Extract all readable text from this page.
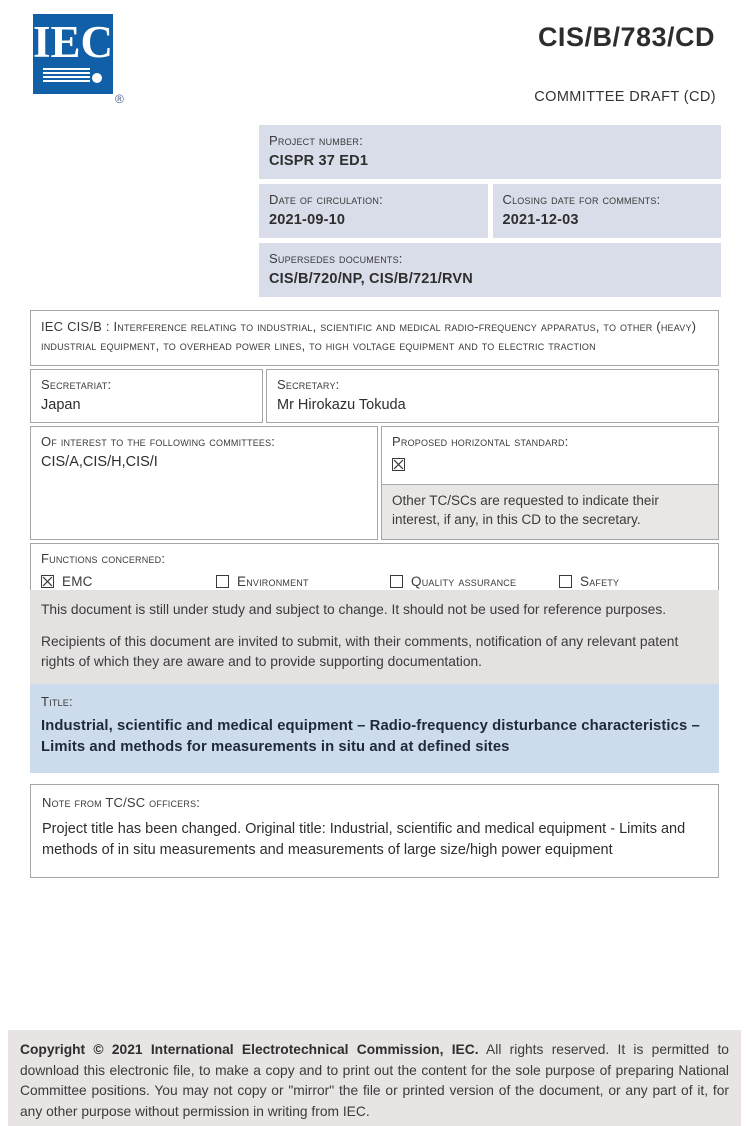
IEC
®
CIS/B/783/CD
COMMITTEE DRAFT (CD)
Project number:
CISPR 37 ED1
Date of circulation:
2021-09-10
Closing date for comments:
2021-12-03
Supersedes documents:
CIS/B/720/NP, CIS/B/721/RVN
IEC CIS/B : Interference relating to industrial, scientific and medical radio-frequency apparatus, to other (heavy) industrial equipment, to overhead power lines, to high voltage equipment and to electric traction
Secretariat:
Japan
Secretary:
Mr Hirokazu Tokuda
Of interest to the following committees:
CIS/A,CIS/H,CIS/I
Proposed horizontal standard:
Other TC/SCs are requested to indicate their interest, if any, in this CD to the secretary.
Functions concerned:
EMC	Environment	Quality assurance	Safety

This document is still under study and subject to change. It should not be used for reference purposes.

Recipients of this document are invited to submit, with their comments, notification of any relevant patent rights of which they are aware and to provide supporting documentation.

Title:
Industrial, scientific and medical equipment – Radio-frequency disturbance characteristics – Limits and methods for measurements in situ and at defined sites
Note from TC/SC officers:
Project title has been changed. Original title: Industrial, scientific and medical equipment - Limits and methods of in situ measurements and measurements of large size/high power equipment
Copyright © 2021 International Electrotechnical Commission, IEC. All rights reserved. It is permitted to download this electronic file, to make a copy and to print out the content for the sole purpose of preparing National Committee positions. You may not copy or "mirror" the file or printed version of the document, or any part of it, for any other purpose without permission in writing from IEC.
